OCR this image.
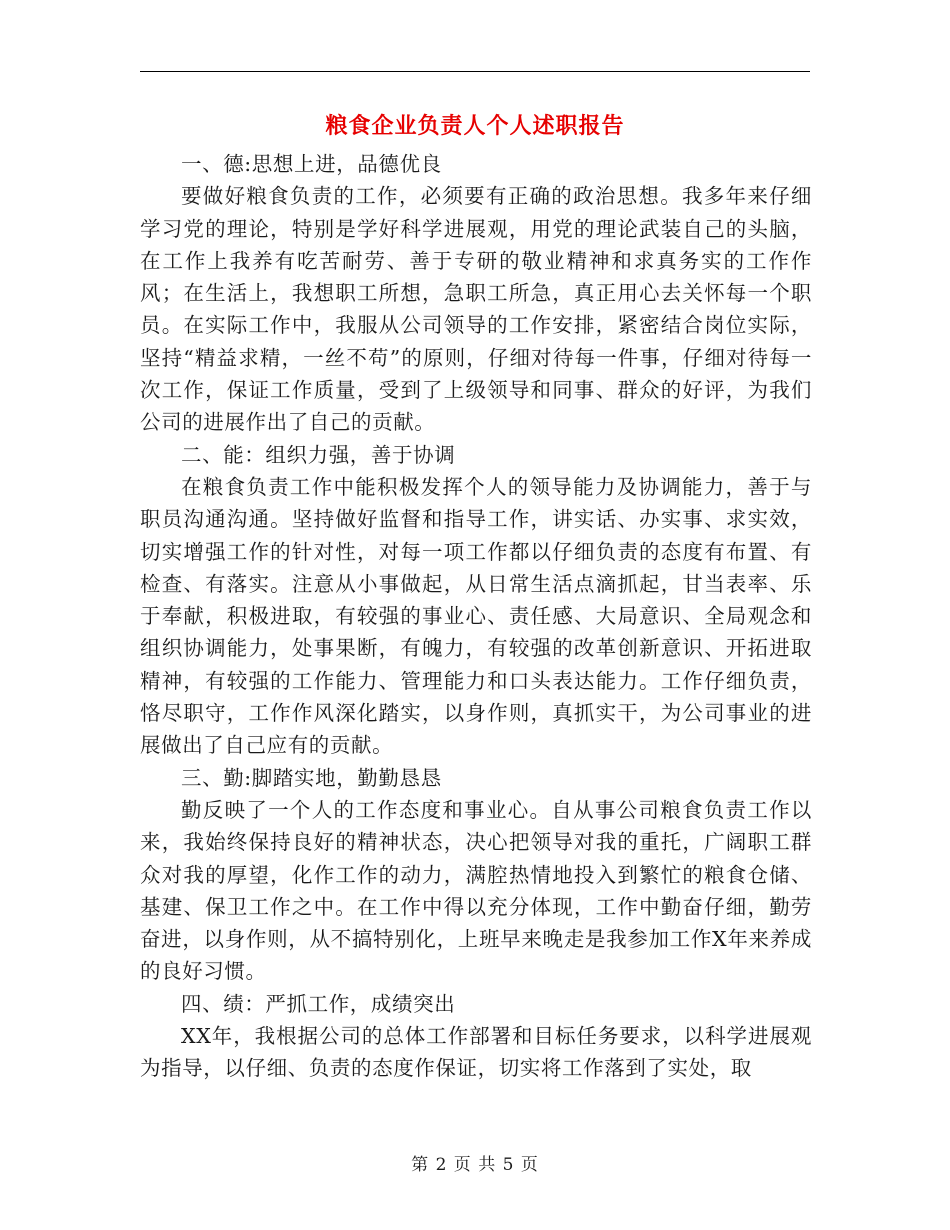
粮食企业负责人个人述职报告

一、德:思想上进，品德优良

要做好粮食负责的工作，必须要有正确的政治思想。我多年来仔细学习党的理论，特别是学好科学进展观，用党的理论武装自己的头脑，在工作上我养有吃苦耐劳、善于专研的敬业精神和求真务实的工作作风；在生活上，我想职工所想，急职工所急，真正用心去关怀每一个职员。在实际工作中，我服从公司领导的工作安排，紧密结合岗位实际，坚持“精益求精，一丝不苟”的原则，仔细对待每一件事，仔细对待每一次工作，保证工作质量，受到了上级领导和同事、群众的好评，为我们公司的进展作出了自己的贡献。

二、能：组织力强，善于协调

在粮食负责工作中能积极发挥个人的领导能力及协调能力，善于与职员沟通沟通。坚持做好监督和指导工作，讲实话、办实事、求实效，切实增强工作的针对性，对每一项工作都以仔细负责的态度有布置、有检查、有落实。注意从小事做起，从日常生活点滴抓起，甘当表率、乐于奉献，积极进取，有较强的事业心、责任感、大局意识、全局观念和组织协调能力，处事果断，有魄力，有较强的改革创新意识、开拓进取精神，有较强的工作能力、管理能力和口头表达能力。工作仔细负责，恪尽职守，工作作风深化踏实，以身作则，真抓实干，为公司事业的进展做出了自己应有的贡献。

三、勤:脚踏实地，勤勤恳恳

勤反映了一个人的工作态度和事业心。自从事公司粮食负责工作以来，我始终保持良好的精神状态，决心把领导对我的重托，广阔职工群众对我的厚望，化作工作的动力，满腔热情地投入到繁忙的粮食仓储、基建、保卫工作之中。在工作中得以充分体现，工作中勤奋仔细，勤劳奋进，以身作则，从不搞特别化，上班早来晚走是我参加工作X年来养成的良好习惯。

四、绩：严抓工作，成绩突出

XX年，我根据公司的总体工作部署和目标任务要求，以科学进展观为指导，以仔细、负责的态度作保证，切实将工作落到了实处，取

第 2 页 共 5 页
